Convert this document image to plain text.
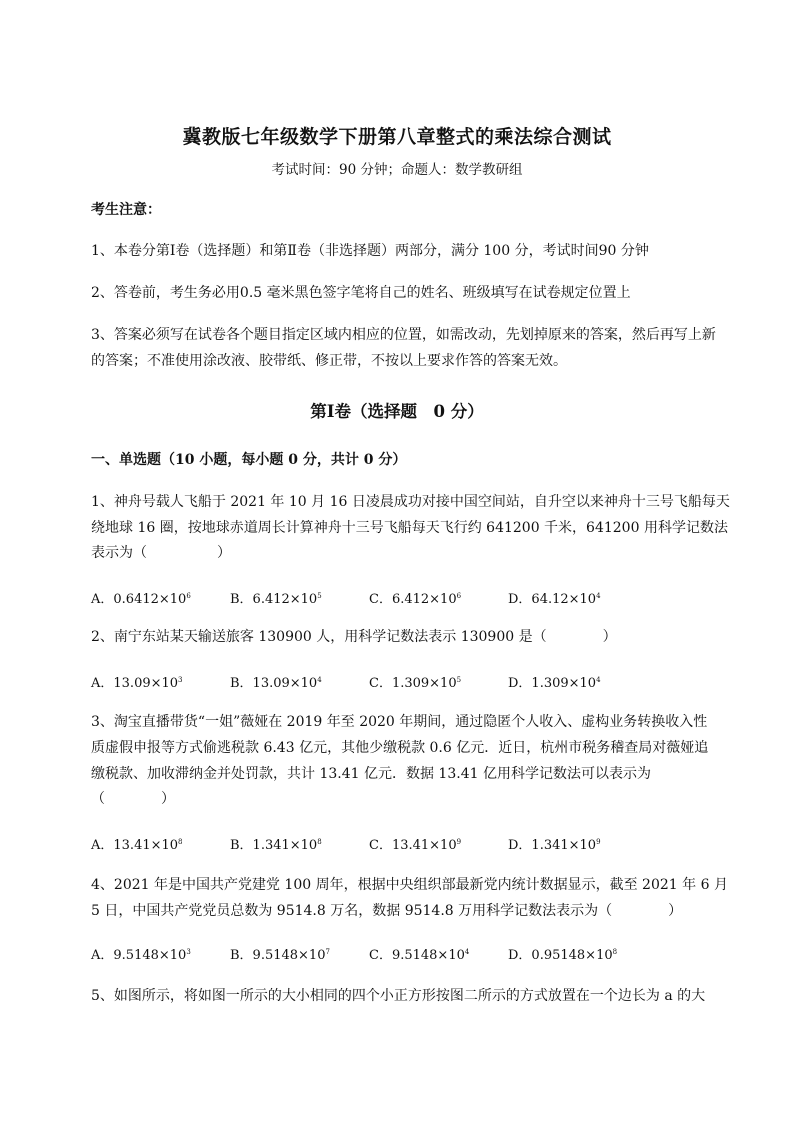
冀教版七年级数学下册第八章整式的乘法综合测试
考试时间：90 分钟；命题人：数学教研组
考生注意：
1、本卷分第Ⅰ卷（选择题）和第Ⅱ卷（非选择题）两部分，满分 100 分，考试时间90 分钟
2、答卷前，考生务必用0.5 毫米黑色签字笔将自己的姓名、班级填写在试卷规定位置上
3、答案必须写在试卷各个题目指定区域内相应的位置，如需改动，先划掉原来的答案，然后再写上新
的答案；不准使用涂改液、胶带纸、修正带，不按以上要求作答的答案无效。
第Ⅰ卷（选择题　0 分）
一、单选题（10 小题，每小题 0 分，共计 0 分）
1、神舟号载人飞船于 2021 年 10 月 16 日凌晨成功对接中国空间站，自升空以来神舟十三号飞船每天
绕地球 16 圈，按地球赤道周长计算神舟十三号飞船每天飞行约 641200 千米，641200 用科学记数法
表示为（　　　　　）
A．$0.6412\times 10^6$	B．$6.412\times 10^5$	C．$6.412\times 10^6$	D．$64.12\times 10^4$
2、南宁东站某天输送旅客 130900 人，用科学记数法表示 130900 是（　　　　）
A．$13.09\times 10^3$	B．$13.09\times 10^4$	C．$1.309\times 10^5$	D．$1.309\times 10^4$
3、淘宝直播带货“一姐”薇娅在 2019 年至 2020 年期间，通过隐匿个人收入、虚构业务转换收入性
质虚假申报等方式偷逃税款 6.43 亿元，其他少缴税款 0.6 亿元．近日，杭州市税务稽查局对薇娅追
缴税款、加收滞纳金并处罚款，共计 13.41 亿元．数据 13.41 亿用科学记数法可以表示为
（　　　　）
A．$13.41\times 10^8$	B．$1.341\times 10^8$	C．$13.41\times 10^9$	D．$1.341\times 10^9$
4、2021 年是中国共产党建党 100 周年，根据中央组织部最新党内统计数据显示，截至 2021 年 6 月
5 日，中国共产党党员总数为 9514.8 万名，数据 9514.8 万用科学记数法表示为（　　　　）
A．$9.5148\times 10^3$	B．$9.5148\times 10^7$	C．$9.5148\times 10^4$	D．$0.95148\times 10^8$
5、如图所示，将如图一所示的大小相同的四个小正方形按图二所示的方式放置在一个边长为 a 的大
